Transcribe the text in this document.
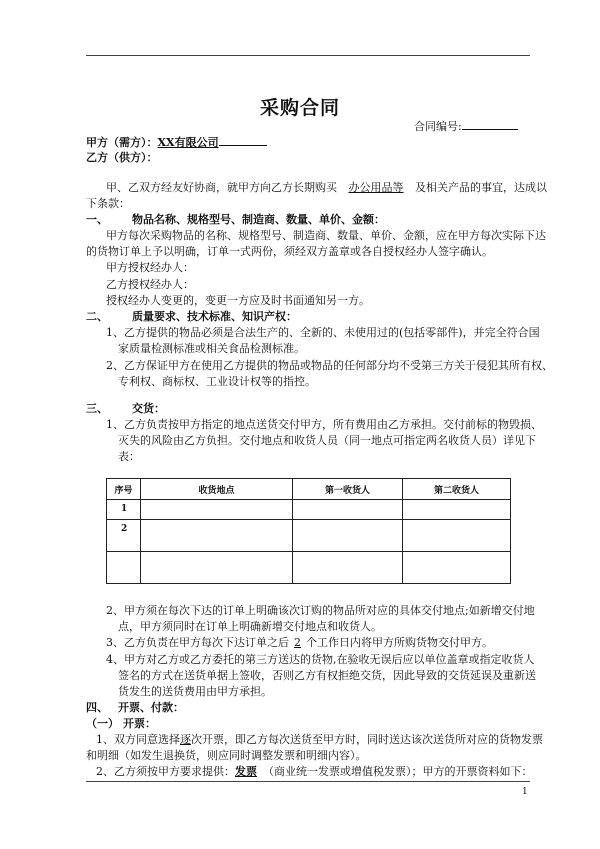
采购合同
合同编号:
甲方（需方）：XX有限公司
乙方（供方）：
甲、乙双方经友好协商，就甲方向乙方长期购买 办公用品等 及相关产品的事宜，达成以
下条款：
一、 物品名称、规格型号、制造商、数量、单价、金额：
甲方每次采购物品的名称、规格型号、制造商、数量、单价、金额，应在甲方每次实际下达
的货物订单上予以明确，订单一式两份，须经双方盖章或各自授权经办人签字确认。
甲方授权经办人：
乙方授权经办人：
授权经办人变更的，变更一方应及时书面通知另一方。
二、 质量要求、技术标准、知识产权：
1、乙方提供的物品必须是合法生产的、全新的、未使用过的(包括零部件)，并完全符合国
家质量检测标准或相关食品检测标准。
2、乙方保证甲方在使用乙方提供的物品或物品的任何部分均不受第三方关于侵犯其所有权、
专利权、商标权、工业设计权等的指控。
三、 交货：
1、乙方负责按甲方指定的地点送货交付甲方，所有费用由乙方承担。交付前标的物毁损、
灭失的风险由乙方负担。交付地点和收货人员（同一地点可指定两名收货人员）详见下
表：
序号	收货地点	第一收货人	第二收货人
1			
2			

2、甲方须在每次下达的订单上明确该次订购的物品所对应的具体交付地点;如新增交付地
点，甲方须同时在订单上明确新增交付地点和收货人。
3、乙方负责在甲方每次下达订单之后 2 个工作日内将甲方所购货物交付甲方。
4、甲方对乙方或乙方委托的第三方送达的货物,在验收无误后应以单位盖章或指定收货人
签名的方式在送货单据上签收，否则乙方有权拒绝交货，因此导致的交货延误及重新送
货发生的送货费用由甲方承担。
四、 开票、付款：
（一） 开票：
1、双方同意选择逐次开票，即乙方每次送货至甲方时，同时送达该次送货所对应的货物发票
和明细（如发生退换货，则应同时调整发票和明细内容）。
2、乙方须按甲方要求提供：发票 （商业统一发票或增值税发票）；甲方的开票资料如下：
1
